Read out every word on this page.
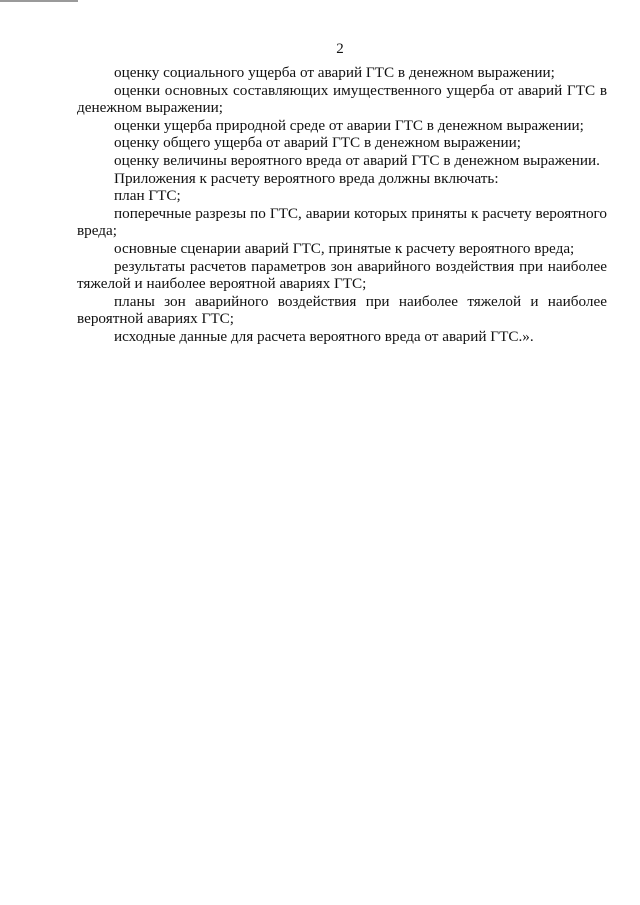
2

оценку социального ущерба от аварий ГТС в денежном выражении;

оценки основных составляющих имущественного ущерба от аварий ГТС в денежном выражении;

оценки ущерба природной среде от аварии ГТС в денежном выражении;

оценку общего ущерба от аварий ГТС в денежном выражении;

оценку величины вероятного вреда от аварий ГТС в денежном выражении.

Приложения к расчету вероятного вреда должны включать:

план ГТС;

поперечные разрезы по ГТС, аварии которых приняты к расчету вероятного вреда;

основные сценарии аварий ГТС, принятые к расчету вероятного вреда;

результаты расчетов параметров зон аварийного воздействия при наиболее тяжелой и наиболее вероятной авариях ГТС;

планы зон аварийного воздействия при наиболее тяжелой и наиболее вероятной авариях ГТС;

исходные данные для расчета вероятного вреда от аварий ГТС.».
